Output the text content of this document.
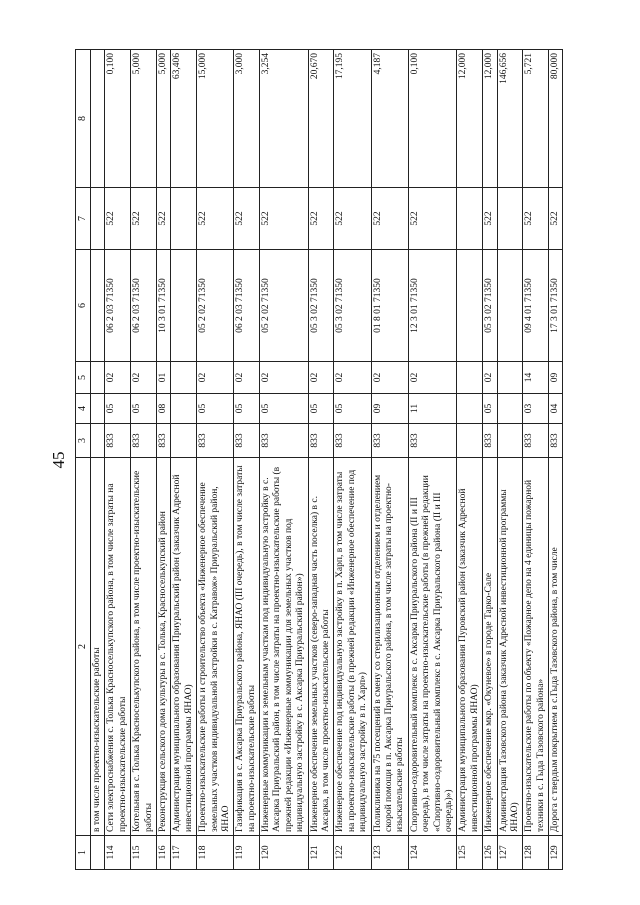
45
1	2	3	4	5	6	7	8
	в том числе проектно-изыскательские работы						
114	Сети электроснабжения с. Толька Красноселькупского района, в том числе затраты на проектно-изыскательские работы	833	05	02	06 2 03 71350	522	0,100
115	Котельная в с. Толька Красноселькупского района, в том числе проектно-изыскательские работы	833	05	02	06 2 03 71350	522	5,000
116	Реконструкция сельского дома культуры в с. Толька, Красноселькупский район	833	08	01	10 3 01 71350	522	5,000
117	Администрация муниципального образования Приуральский район (заказчик Адресной инвестиционной программы ЯНАО)						63,406
118	Проектно-изыскательские работы и строительство объекта «Инженерное обеспечение земельных участков индивидуальной застройки в с. Катравож» Приуральский район, ЯНАО	833	05	02	05 2 02 71350	522	15,000
119	Газификация в с. Аксарка Приуральского района, ЯНАО (III очередь), в том числе затраты на проектно-изыскательские работы	833	05	02	06 2 03 71350	522	3,000
120	Инженерные коммуникации к земельным участкам под индивидуальную застройку в с. Аксарка Приуральский район, в том числе затраты на проектно-изыскательские работы (в прежней редакции «Инженерные коммуникации для земельных участков под индивидуальную застройку в с. Аксарка Приуральский район»)	833	05	02	05 2 02 71350	522	3,254
121	Инженерное обеспечение земельных участков (северо-западная часть поселка) в с. Аксарка, в том числе проектно-изыскательские работы	833	05	02	05 3 02 71350	522	20,670
122	Инженерное обеспечение под индивидуальную застройку в п. Харп, в том числе затраты на проектно-изыскательские работы (в прежней редакции «Инженерное обеспечение под индивидуальную застройку в п. Харп»)	833	05	02	05 3 02 71350	522	17,195
123	Поликлиника на 75 посещений в смену со стерилизационным отделением и отделением скорой помощи в п. Аксарка Приуральского района, в том числе затраты на проектно-изыскательские работы	833	09	02	01 8 01 71350	522	4,187
124	Спортивно-оздоровительный комплекс в с. Аксарка Приуральского района (II и III очередь), в том числе затраты на проектно-изыскательские работы (в прежней редакции «Спортивно-оздоровительный комплекс в с. Аксарка Приуральского района (II и III очередь)»)	833	11	02	12 3 01 71350	522	0,100
125	Администрация муниципального образования Пуровский район (заказчик Адресной инвестиционной программы ЯНАО)						12,000
126	Инженерное обеспечение мкр. «Окуневое» в городе Тарко-Сале	833	05	02	05 3 02 71350	522	12,000
127	Администрация Тазовского района (заказчик Адресной инвестиционной программы ЯНАО)						146,656
128	Проектно-изыскательские работы по объекту «Пожарное депо на 4 единицы пожарной техники в с. Гыда Тазовского района»	833	03	14	09 4 01 71350	522	5,721
129	Дорога с твердым покрытием в с.Гыда Тазовского района, в том числе	833	04	09	17 3 01 71350	522	80,000
